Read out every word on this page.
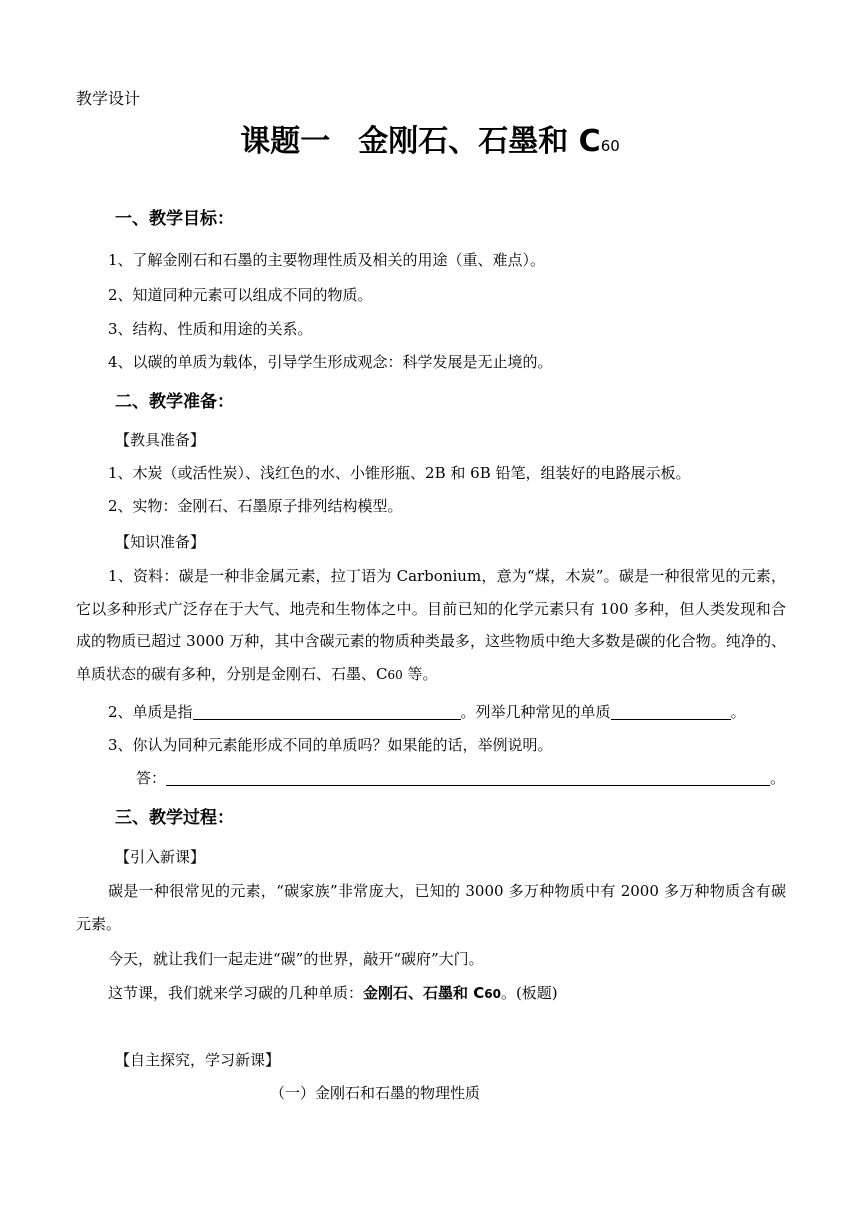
教学设计
课题一 金刚石、石墨和 C60
一、教学目标：
1、了解金刚石和石墨的主要物理性质及相关的用途（重、难点）。
2、知道同种元素可以组成不同的物质。
3、结构、性质和用途的关系。
4、以碳的单质为载体，引导学生形成观念：科学发展是无止境的。
二、教学准备：
【教具准备】
1、木炭（或活性炭）、浅红色的水、小锥形瓶、2B 和 6B 铅笔，组装好的电路展示板。
2、实物：金刚石、石墨原子排列结构模型。
【知识准备】
1、资料：碳是一种非金属元素，拉丁语为 Carbonium，意为“煤，木炭”。碳是一种很常见的元素，它以多种形式广泛存在于大气、地壳和生物体之中。目前已知的化学元素只有 100 多种，但人类发现和合成的物质已超过 3000 万种，其中含碳元素的物质种类最多，这些物质中绝大多数是碳的化合物。纯净的、单质状态的碳有多种，分别是金刚石、石墨、C60 等。
2、单质是指	。列举几种常见的单质	。
3、你认为同种元素能形成不同的单质吗？如果能的话，举例说明。
答：	。
三、教学过程：
【引入新课】
碳是一种很常见的元素，“碳家族”非常庞大，已知的 3000 多万种物质中有 2000 多万种物质含有碳元素。
今天，就让我们一起走进“碳”的世界，敲开“碳府”大门。
这节课，我们就来学习碳的几种单质：金刚石、石墨和 C60。(板题)
【自主探究，学习新课】
（一）金刚石和石墨的物理性质
